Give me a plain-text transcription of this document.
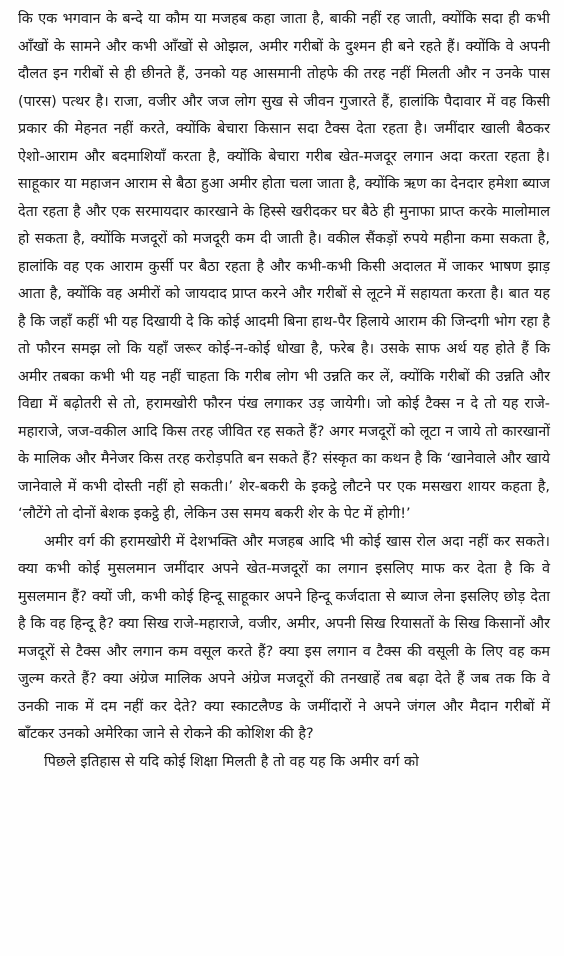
कि एक भगवान के बन्दे या कौम या मजहब कहा जाता है, बाकी नहीं रह जाती, क्योंकि सदा ही कभी आँखों के सामने और कभी आँखों से ओझल, अमीर गरीबों के दुश्मन ही बने रहते हैं। क्योंकि वे अपनी दौलत इन गरीबों से ही छीनते हैं, उनको यह आसमानी तोहफे की तरह नहीं मिलती और न उनके पास (पारस) पत्थर है। राजा, वजीर और जज लोग सुख से जीवन गुजारते हैं, हालांकि पैदावार में वह किसी प्रकार की मेहनत नहीं करते, क्योंकि बेचारा किसान सदा टैक्स देता रहता है। जमींदार खाली बैठकर ऐशो-आराम और बदमाशियाँ करता है, क्योंकि बेचारा गरीब खेत-मजदूर लगान अदा करता रहता है। साहूकार या महाजन आराम से बैठा हुआ अमीर होता चला जाता है, क्योंकि ऋण का देनदार हमेशा ब्याज देता रहता है और एक सरमायदार कारखाने के हिस्से खरीदकर घर बैठे ही मुनाफा प्राप्त करके मालोमाल हो सकता है, क्योंकि मजदूरों को मजदूरी कम दी जाती है। वकील सैंकड़ों रुपये महीना कमा सकता है, हालांकि वह एक आराम कुर्सी पर बैठा रहता है और कभी-कभी किसी अदालत में जाकर भाषण झाड़ आता है, क्योंकि वह अमीरों को जायदाद प्राप्त करने और गरीबों से लूटने में सहायता करता है। बात यह है कि जहाँ कहीं भी यह दिखायी दे कि कोई आदमी बिना हाथ-पैर हिलाये आराम की जिन्दगी भोग रहा है तो फौरन समझ लो कि यहाँ जरूर कोई-न-कोई धोखा है, फरेब है। उसके साफ अर्थ यह होते हैं कि अमीर तबका कभी भी यह नहीं चाहता कि गरीब लोग भी उन्नति कर लें, क्योंकि गरीबों की उन्नति और विद्या में बढ़ोतरी से तो, हरामखोरी फौरन पंख लगाकर उड़ जायेगी। जो कोई टैक्स न दे तो यह राजे-महाराजे, जज-वकील आदि किस तरह जीवित रह सकते हैं? अगर मजदूरों को लूटा न जाये तो कारखानों के मालिक और मैनेजर किस तरह करोड़पति बन सकते हैं? संस्कृत का कथन है कि ‘खानेवाले और खाये जानेवाले में कभी दोस्ती नहीं हो सकती।’ शेर-बकरी के इकट्ठे लौटने पर एक मसखरा शायर कहता है, ‘लौटेंगे तो दोनों बेशक इकट्ठे ही, लेकिन उस समय बकरी शेर के पेट में होगी!’

अमीर वर्ग की हरामखोरी में देशभक्ति और मजहब आदि भी कोई खास रोल अदा नहीं कर सकते। क्या कभी कोई मुसलमान जमींदार अपने खेत-मजदूरों का लगान इसलिए माफ कर देता है कि वे मुसलमान हैं? क्यों जी, कभी कोई हिन्दू साहूकार अपने हिन्दू कर्जदाता से ब्याज लेना इसलिए छोड़ देता है कि वह हिन्दू है? क्या सिख राजे-महाराजे, वजीर, अमीर, अपनी सिख रियासतों के सिख किसानों और मजदूरों से टैक्स और लगान कम वसूल करते हैं? क्या इस लगान व टैक्स की वसूली के लिए वह कम जुल्म करते हैं? क्या अंग्रेज मालिक अपने अंग्रेज मजदूरों की तनखाहें तब बढ़ा देते हैं जब तक कि वे उनकी नाक में दम नहीं कर देते? क्या स्काटलैण्ड के जमींदारों ने अपने जंगल और मैदान गरीबों में बाँटकर उनको अमेरिका जाने से रोकने की कोशिश की है?

पिछले इतिहास से यदि कोई शिक्षा मिलती है तो वह यह कि अमीर वर्ग को
